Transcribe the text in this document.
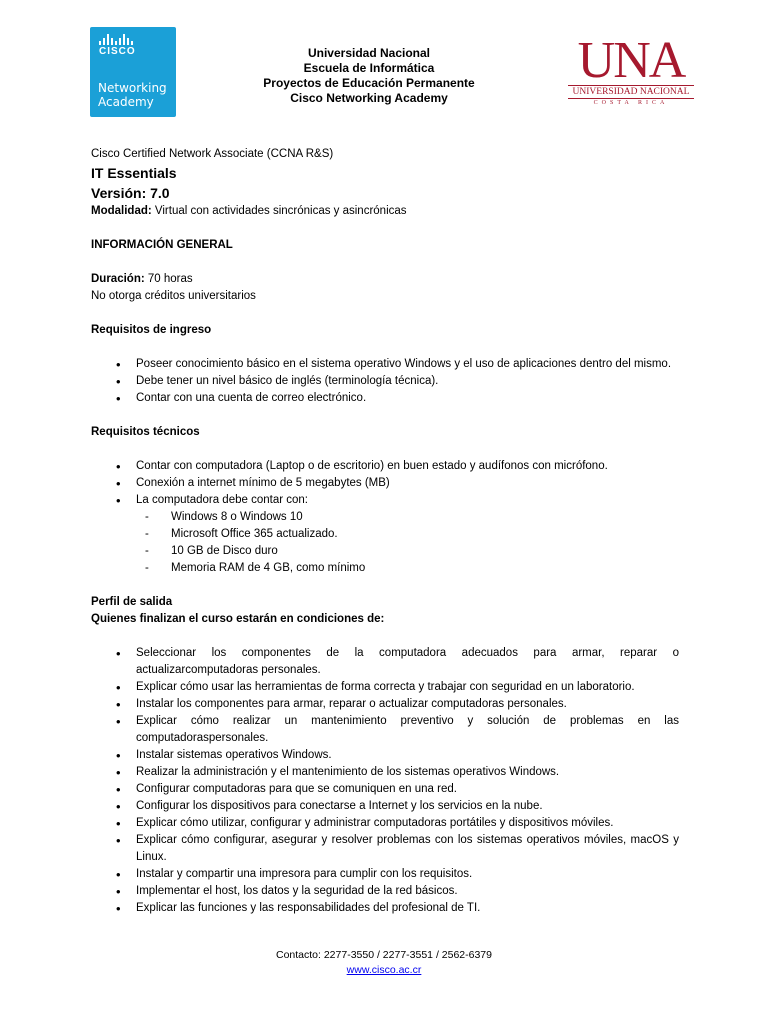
CISCO
Networking
Academy
Universidad Nacional
Escuela de Informática
Proyectos de Educación Permanente
Cisco Networking Academy
UNA
UNIVERSIDAD NACIONAL
COSTA RICA

Cisco Certified Network Associate (CCNA R&S)

IT Essentials

Versión: 7.0

Modalidad: Virtual con actividades sincrónicas y asincrónicas

INFORMACIÓN GENERAL

Duración: 70 horas

No otorga créditos universitarios

Requisitos de ingreso

• Poseer conocimiento básico en el sistema operativo Windows y el uso de aplicaciones dentro del mismo.
• Debe tener un nivel básico de inglés (terminología técnica).
• Contar con una cuenta de correo electrónico.

Requisitos técnicos

• Contar con computadora (Laptop o de escritorio) en buen estado y audífonos con micrófono.
• Conexión a internet mínimo de 5 megabytes (MB)
• La computadora debe contar con:
- Windows 8 o Windows 10
- Microsoft Office 365 actualizado.
- 10 GB de Disco duro
- Memoria RAM de 4 GB, como mínimo

Perfil de salida

Quienes finalizan el curso estarán en condiciones de:

• Seleccionar los componentes de la computadora adecuados para armar, reparar o actualizarcomputadoras personales.
• Explicar cómo usar las herramientas de forma correcta y trabajar con seguridad en un laboratorio.
• Instalar los componentes para armar, reparar o actualizar computadoras personales.
• Explicar cómo realizar un mantenimiento preventivo y solución de problemas en las computadoraspersonales.
• Instalar sistemas operativos Windows.
• Realizar la administración y el mantenimiento de los sistemas operativos Windows.
• Configurar computadoras para que se comuniquen en una red.
• Configurar los dispositivos para conectarse a Internet y los servicios en la nube.
• Explicar cómo utilizar, configurar y administrar computadoras portátiles y dispositivos móviles.
• Explicar cómo configurar, asegurar y resolver problemas con los sistemas operativos móviles, macOS y Linux.
• Instalar y compartir una impresora para cumplir con los requisitos.
• Implementar el host, los datos y la seguridad de la red básicos.
• Explicar las funciones y las responsabilidades del profesional de TI.
Contacto: 2277-3550 / 2277-3551 / 2562-6379
www.cisco.ac.cr
